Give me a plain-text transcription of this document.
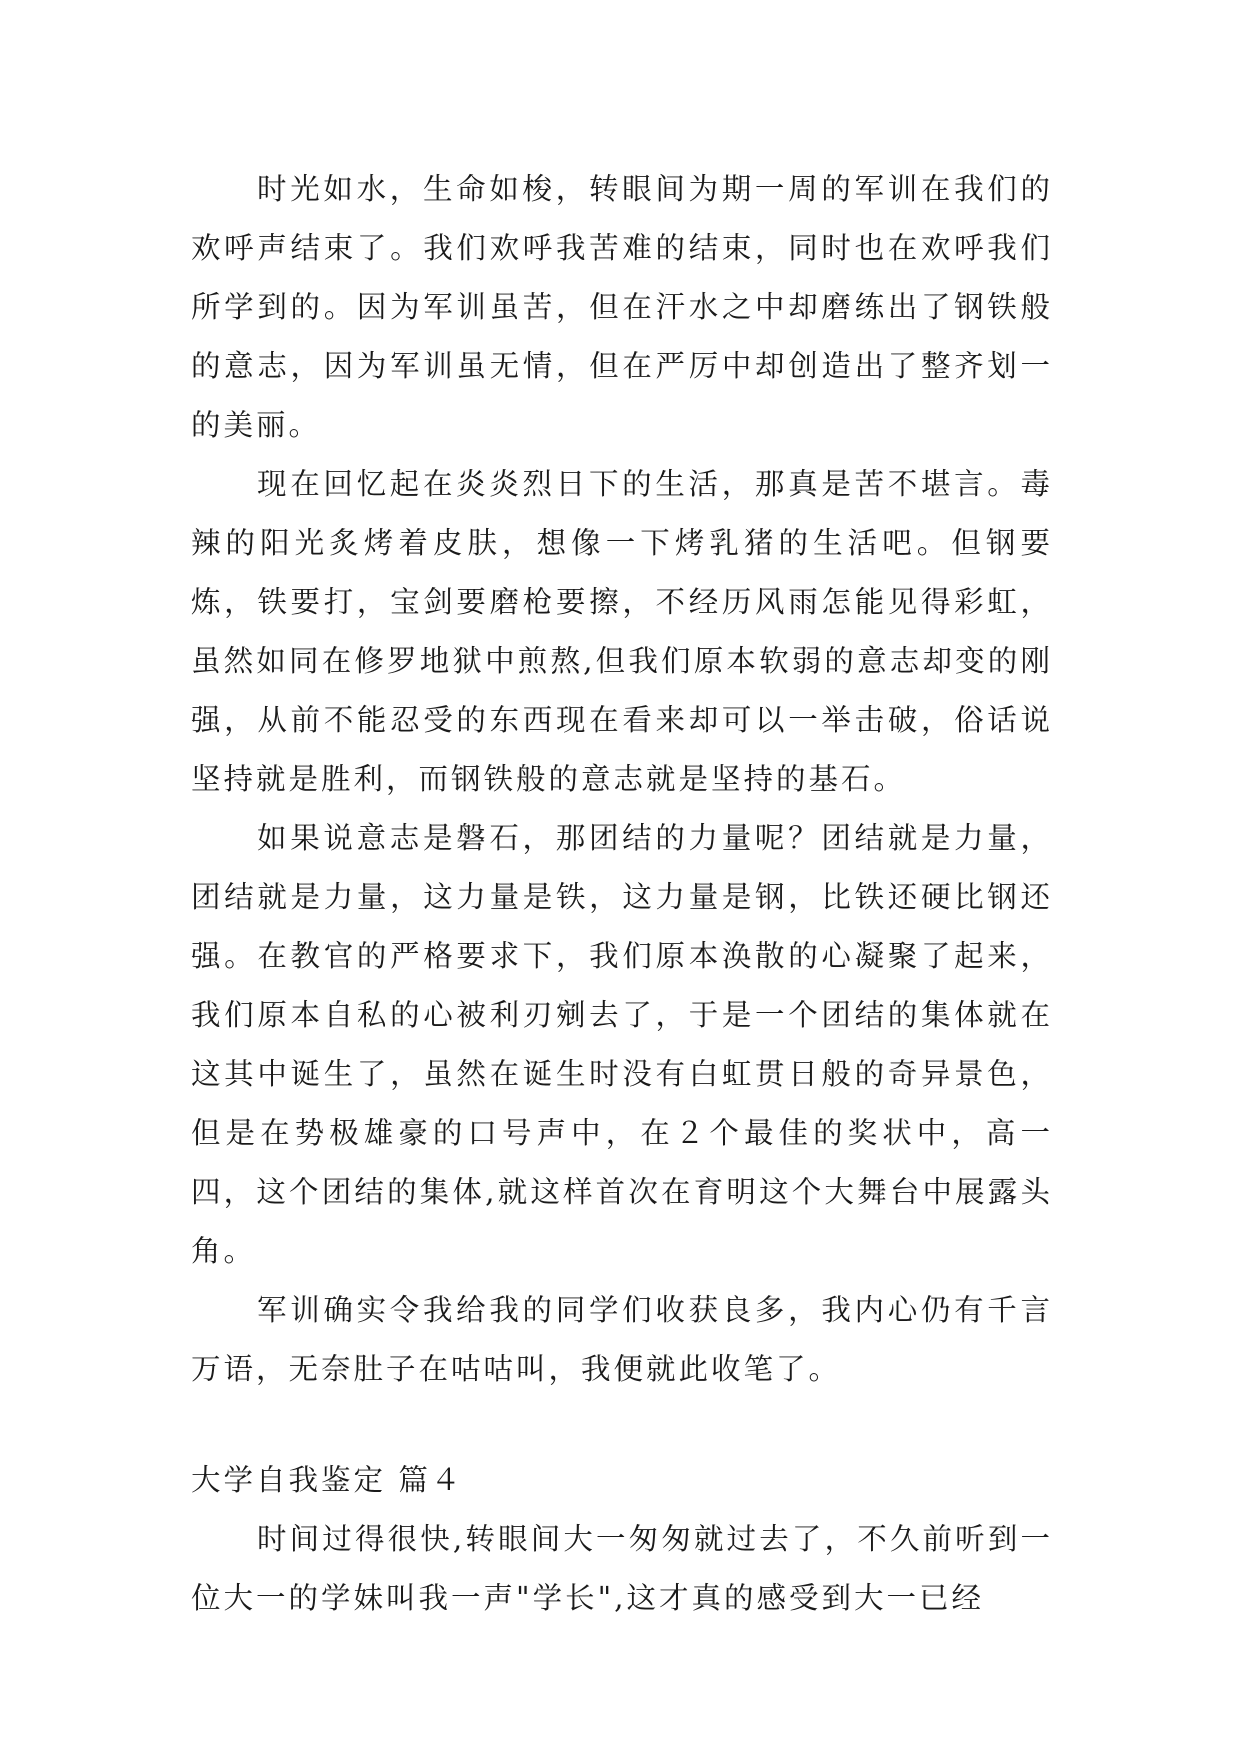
时光如水，生命如梭，转眼间为期一周的军训在我们的欢呼声结束了。我们欢呼我苦难的结束，同时也在欢呼我们所学到的。因为军训虽苦，但在汗水之中却磨练出了钢铁般的意志，因为军训虽无情，但在严厉中却创造出了整齐划一的美丽。

现在回忆起在炎炎烈日下的生活，那真是苦不堪言。毒辣的阳光炙烤着皮肤，想像一下烤乳猪的生活吧。但钢要炼，铁要打，宝剑要磨枪要擦，不经历风雨怎能见得彩虹，虽然如同在修罗地狱中煎熬,但我们原本软弱的意志却变的刚强，从前不能忍受的东西现在看来却可以一举击破，俗话说坚持就是胜利，而钢铁般的意志就是坚持的基石。

如果说意志是磐石，那团结的力量呢？团结就是力量，团结就是力量，这力量是铁，这力量是钢，比铁还硬比钢还强。在教官的严格要求下，我们原本涣散的心凝聚了起来，我们原本自私的心被利刃剜去了，于是一个团结的集体就在这其中诞生了，虽然在诞生时没有白虹贯日般的奇异景色，但是在势极雄豪的口号声中，在２个最佳的奖状中，高一四，这个团结的集体,就这样首次在育明这个大舞台中展露头角。

军训确实令我给我的同学们收获良多，我内心仍有千言万语，无奈肚子在咕咕叫，我便就此收笔了。

大学自我鉴定 篇４

时间过得很快,转眼间大一匆匆就过去了，不久前听到一位大一的学妹叫我一声"学长",这才真的感受到大一已经
